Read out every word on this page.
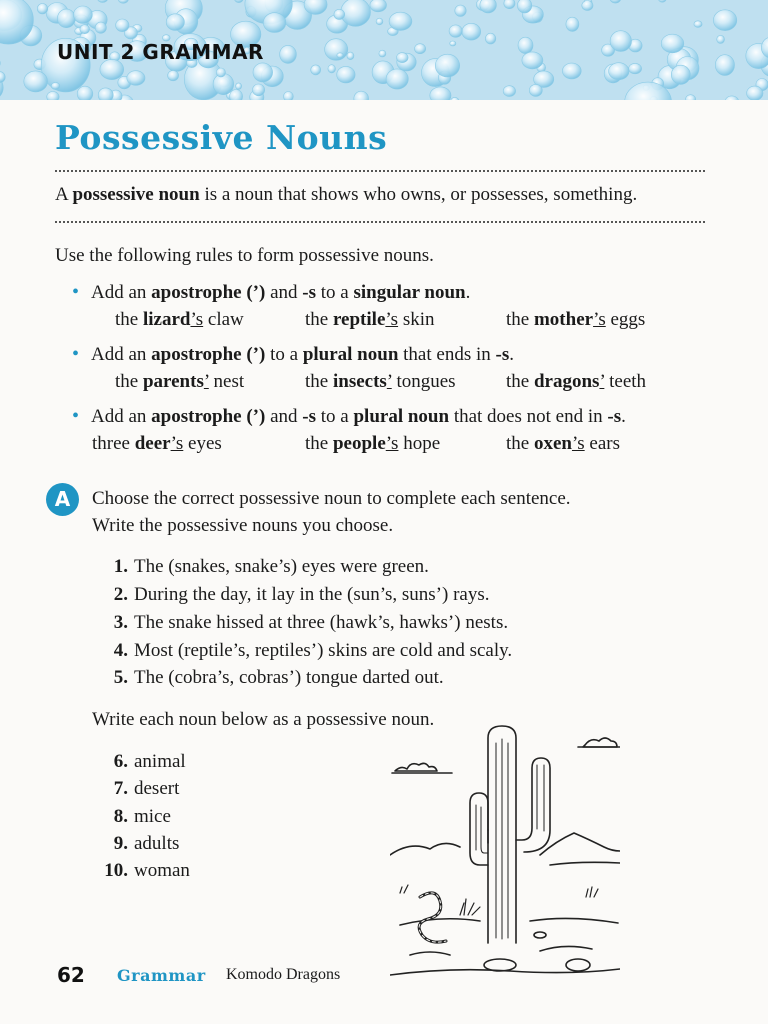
UNIT 2 GRAMMAR
Possessive Nouns
A possessive noun is a noun that shows who owns, or possesses, something.
Use the following rules to form possessive nouns.
• Add an apostrophe (’) and -s to a singular noun.
the lizard’s claw	the reptile’s skin	the mother’s eggs
• Add an apostrophe (’) to a plural noun that ends in -s.
the parents’ nest	the insects’ tongues	the dragons’ teeth
• Add an apostrophe (’) and -s to a plural noun that does not end in -s.
three deer’s eyes	the people’s hope	the oxen’s ears
A	Choose the correct possessive noun to complete each sentence.
Write the possessive nouns you choose.
1. The (snakes, snake’s) eyes were green.
2. During the day, it lay in the (sun’s, suns’) rays.
3. The snake hissed at three (hawk’s, hawks’) nests.
4. Most (reptile’s, reptiles’) skins are cold and scaly.
5. The (cobra’s, cobras’) tongue darted out.
Write each noun below as a possessive noun.
6. animal
7. desert
8. mice
9. adults
10. woman
62 Grammar Komodo Dragons
